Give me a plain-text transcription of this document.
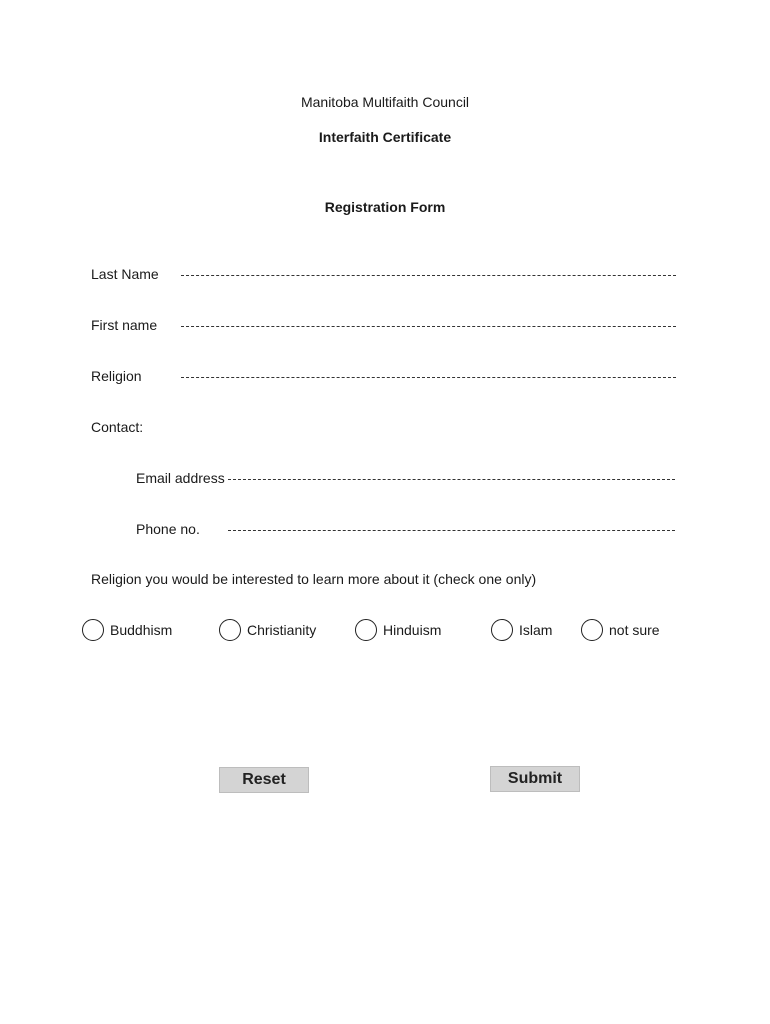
Manitoba Multifaith Council
Interfaith Certificate
Registration Form
Last Name
First name
Religion
Contact:
Email address
Phone no.
Religion you would be interested to learn more about it (check one only)
Buddhism	Christianity	Hinduism	Islam	not sure
Reset	Submit
